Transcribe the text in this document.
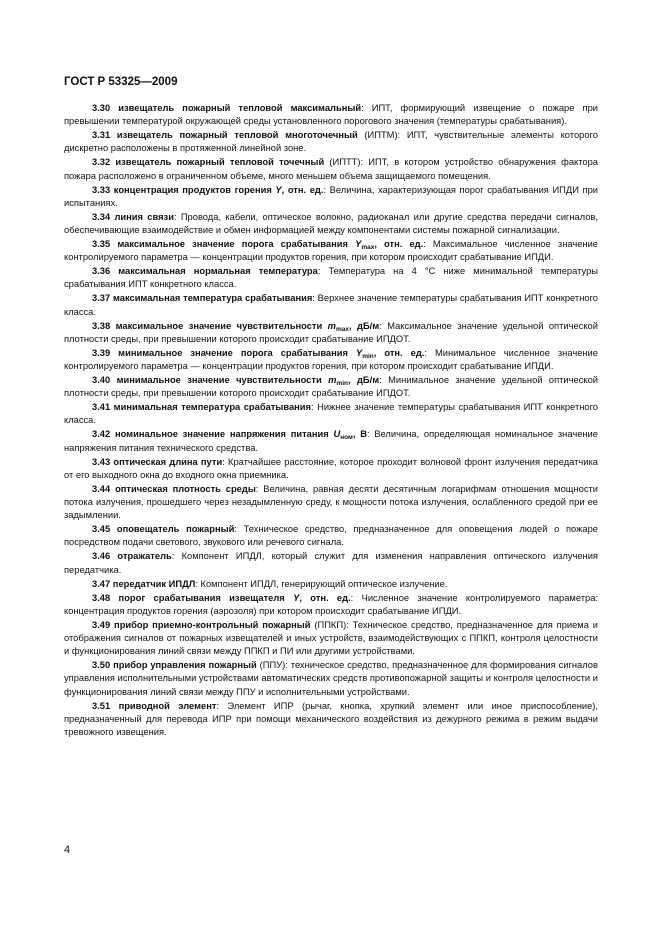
ГОСТ Р 53325—2009

3.30 извещатель пожарный тепловой максимальный: ИПТ, формирующий извещение о пожаре при превышении температурой окружающей среды установленного порогового значения (температуры срабатывания).

3.31 извещатель пожарный тепловой многоточечный (ИПТМ): ИПТ, чувствительные элементы которого дискретно расположены в протяженной линейной зоне.

3.32 извещатель пожарный тепловой точечный (ИПТТ): ИПТ, в котором устройство обнаружения фактора пожара расположено в ограниченном объеме, много меньшем объема защищаемого помещения.

3.33 концентрация продуктов горения Y, отн. ед.: Величина, характеризующая порог срабатывания ИПДИ при испытаниях.

3.34 линия связи: Провода, кабели, оптическое волокно, радиоканал или другие средства передачи сигналов, обеспечивающие взаимодействие и обмен информацией между компонентами системы пожарной сигнализации.

3.35 максимальное значение порога срабатывания $Y_{max}$, отн. ед.: Максимальное численное значение контролируемого параметра — концентрации продуктов горения, при котором происходит срабатывание ИПДИ.

3.36 максимальная нормальная температура: Температура на 4 °С ниже минимальной температуры срабатывания ИПТ конкретного класса.

3.37 максимальная температура срабатывания: Верхнее значение температуры срабатывания ИПТ конкретного класса.

3.38 максимальное значение чувствительности $m_{max}$, дБ/м: Максимальное значение удельной оптической плотности среды, при превышении которого происходит срабатывание ИПДОТ.

3.39 минимальное значение порога срабатывания $Y_{min}$, отн. ед.: Минимальное численное значение контролируемого параметра — концентрации продуктов горения, при котором происходит срабатывание ИПДИ.

3.40 минимальное значение чувствительности $m_{min}$, дБ/м: Минимальное значение удельной оптической плотности среды, при превышении которого происходит срабатывание ИПДОТ.

3.41 минимальная температура срабатывания: Нижнее значение температуры срабатывания ИПТ конкретного класса.

3.42 номинальное значение напряжения питания $U_{ном}$, В: Величина, определяющая номинальное значение напряжения питания технического средства.

3.43 оптическая длина пути: Кратчайшее расстояние, которое проходит волновой фронт излучения передатчика от его выходного окна до входного окна приемника.

3.44 оптическая плотность среды: Величина, равная десяти десятичным логарифмам отношения мощности потока излучения, прошедшего через незадымленную среду, к мощности потока излучения, ослабленного средой при ее задымлении.

3.45 оповещатель пожарный: Техническое средство, предназначенное для оповещения людей о пожаре посредством подачи светового, звукового или речевого сигнала.

3.46 отражатель: Компонент ИПДЛ, который служит для изменения направления оптического излучения передатчика.

3.47 передатчик ИПДЛ: Компонент ИПДЛ, генерирующий оптическое излучение.

3.48 порог срабатывания извещателя Y, отн. ед.: Численное значение контролируемого параметра: концентрация продуктов горения (аэрозоля) при котором происходит срабатывание ИПДИ.

3.49 прибор приемно-контрольный пожарный (ППКП): Техническое средство, предназначенное для приема и отображения сигналов от пожарных извещателей и иных устройств, взаимодействующих с ППКП, контроля целостности и функционирования линий связи между ППКП и ПИ или другими устройствами.

3.50 прибор управления пожарный (ППУ): техническое средство, предназначенное для формирования сигналов управления исполнительными устройствами автоматических средств противопожарной защиты и контроля целостности и функционирования линий связи между ППУ и исполнительными устройствами.

3.51 приводной элемент: Элемент ИПР (рычаг, кнопка, хрупкий элемент или иное приспособление), предназначенный для перевода ИПР при помощи механического воздействия из дежурного режима в режим выдачи тревожного извещения.

4
